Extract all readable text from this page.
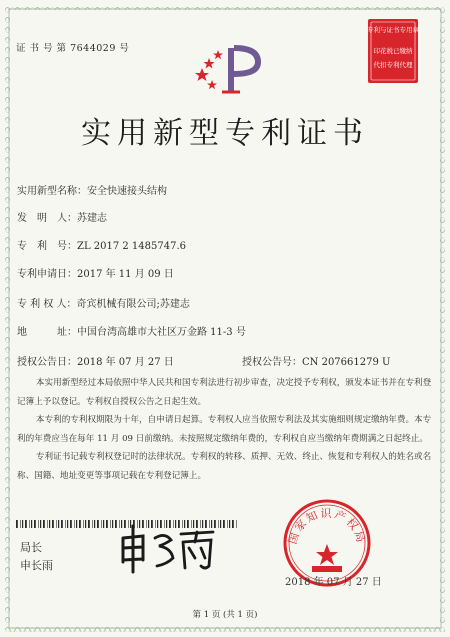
证 书 号 第 7644029 号
专利与证书专用章
印花税已缴纳
代扣专利代理
实用新型专利证书
实用新型名称：安全快速接头结构
发　明　人：苏建志
专　利　号：ZL 2017 2 1485747.6
专利申请日：2017 年 11 月 09 日
专 利 权 人：奇宾机械有限公司;苏建志
地　　　址：中国台湾高雄市大社区万金路 11-3 号
授权公告日：2018 年 07 月 27 日	授权公告号：CN 207661279 U

本实用新型经过本局依照中华人民共和国专利法进行初步审查，决定授予专利权，颁发本证书并在专利登记簿上予以登记。专利权自授权公告之日起生效。

本专利的专利权期限为十年，自申请日起算。专利权人应当依照专利法及其实施细则规定缴纳年费。本专利的年费应当在每年 11 月 09 日前缴纳。未按照规定缴纳年费的，专利权自应当缴纳年费期满之日起终止。

专利证书记载专利权登记时的法律状况。专利权的转移、质押、无效、终止、恢复和专利权人的姓名或名称、国籍、地址变更等事项记载在专利登记簿上。

局长
申长雨
国家知识产权局
2018 年 07 月 27 日
第 1 页 (共 1 页)
